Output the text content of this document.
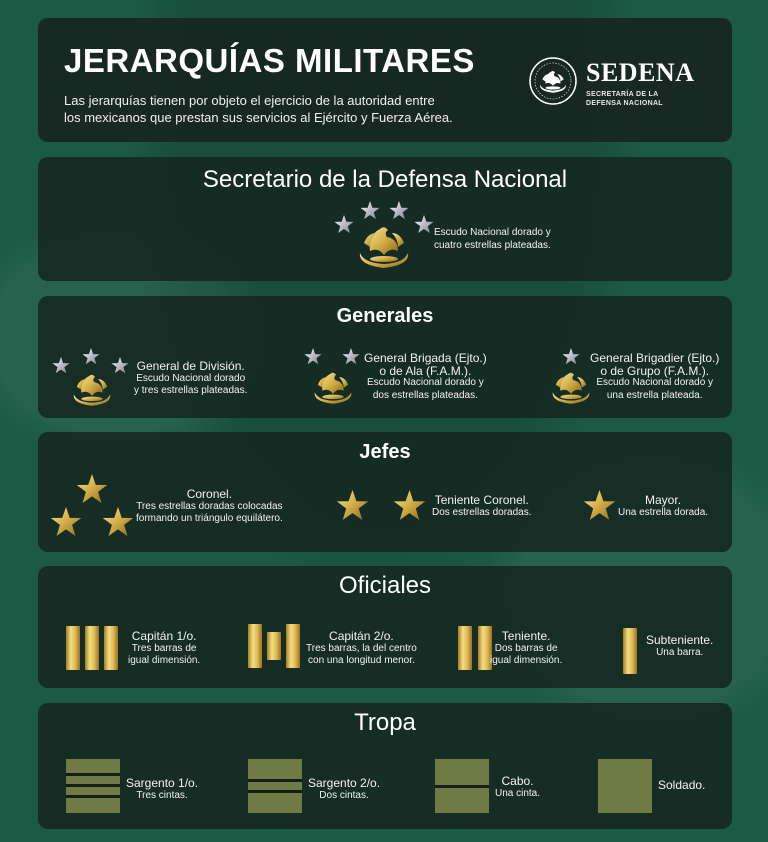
JERARQUÍAS MILITARES
Las jerarquías tienen por objeto el ejercicio de la autoridad entre
los mexicanos que prestan sus servicios al Ejército y Fuerza Aérea.
SEDENA
SECRETARÍA DE LA
DEFENSA NACIONAL
Secretario de la Defensa Nacional
Escudo Nacional dorado y
cuatro estrellas plateadas.
Generales
General de División.
Escudo Nacional dorado
y tres estrellas plateadas.
General Brigada (Ejto.)
o de Ala (F.A.M.).
Escudo Nacional dorado y
dos estrellas plateadas.
General Brigadier (Ejto.)
o de Grupo (F.A.M.).
Escudo Nacional dorado y
una estrella plateada.
Jefes
Coronel.
Tres estrellas doradas colocadas
formando un triángulo equilátero.
Teniente Coronel.
Dos estrellas doradas.
Mayor.
Una estrella dorada.
Oficiales
Capitán 1/o.
Tres barras de
igual dimensión.
Capitán 2/o.
Tres barras, la del centro
con una longitud menor.
Teniente.
Dos barras de
igual dimensión.
Subteniente.
Una barra.
Tropa
Sargento 1/o.
Tres cintas.
Sargento 2/o.
Dos cintas.
Cabo.
Una cinta.
Soldado.
